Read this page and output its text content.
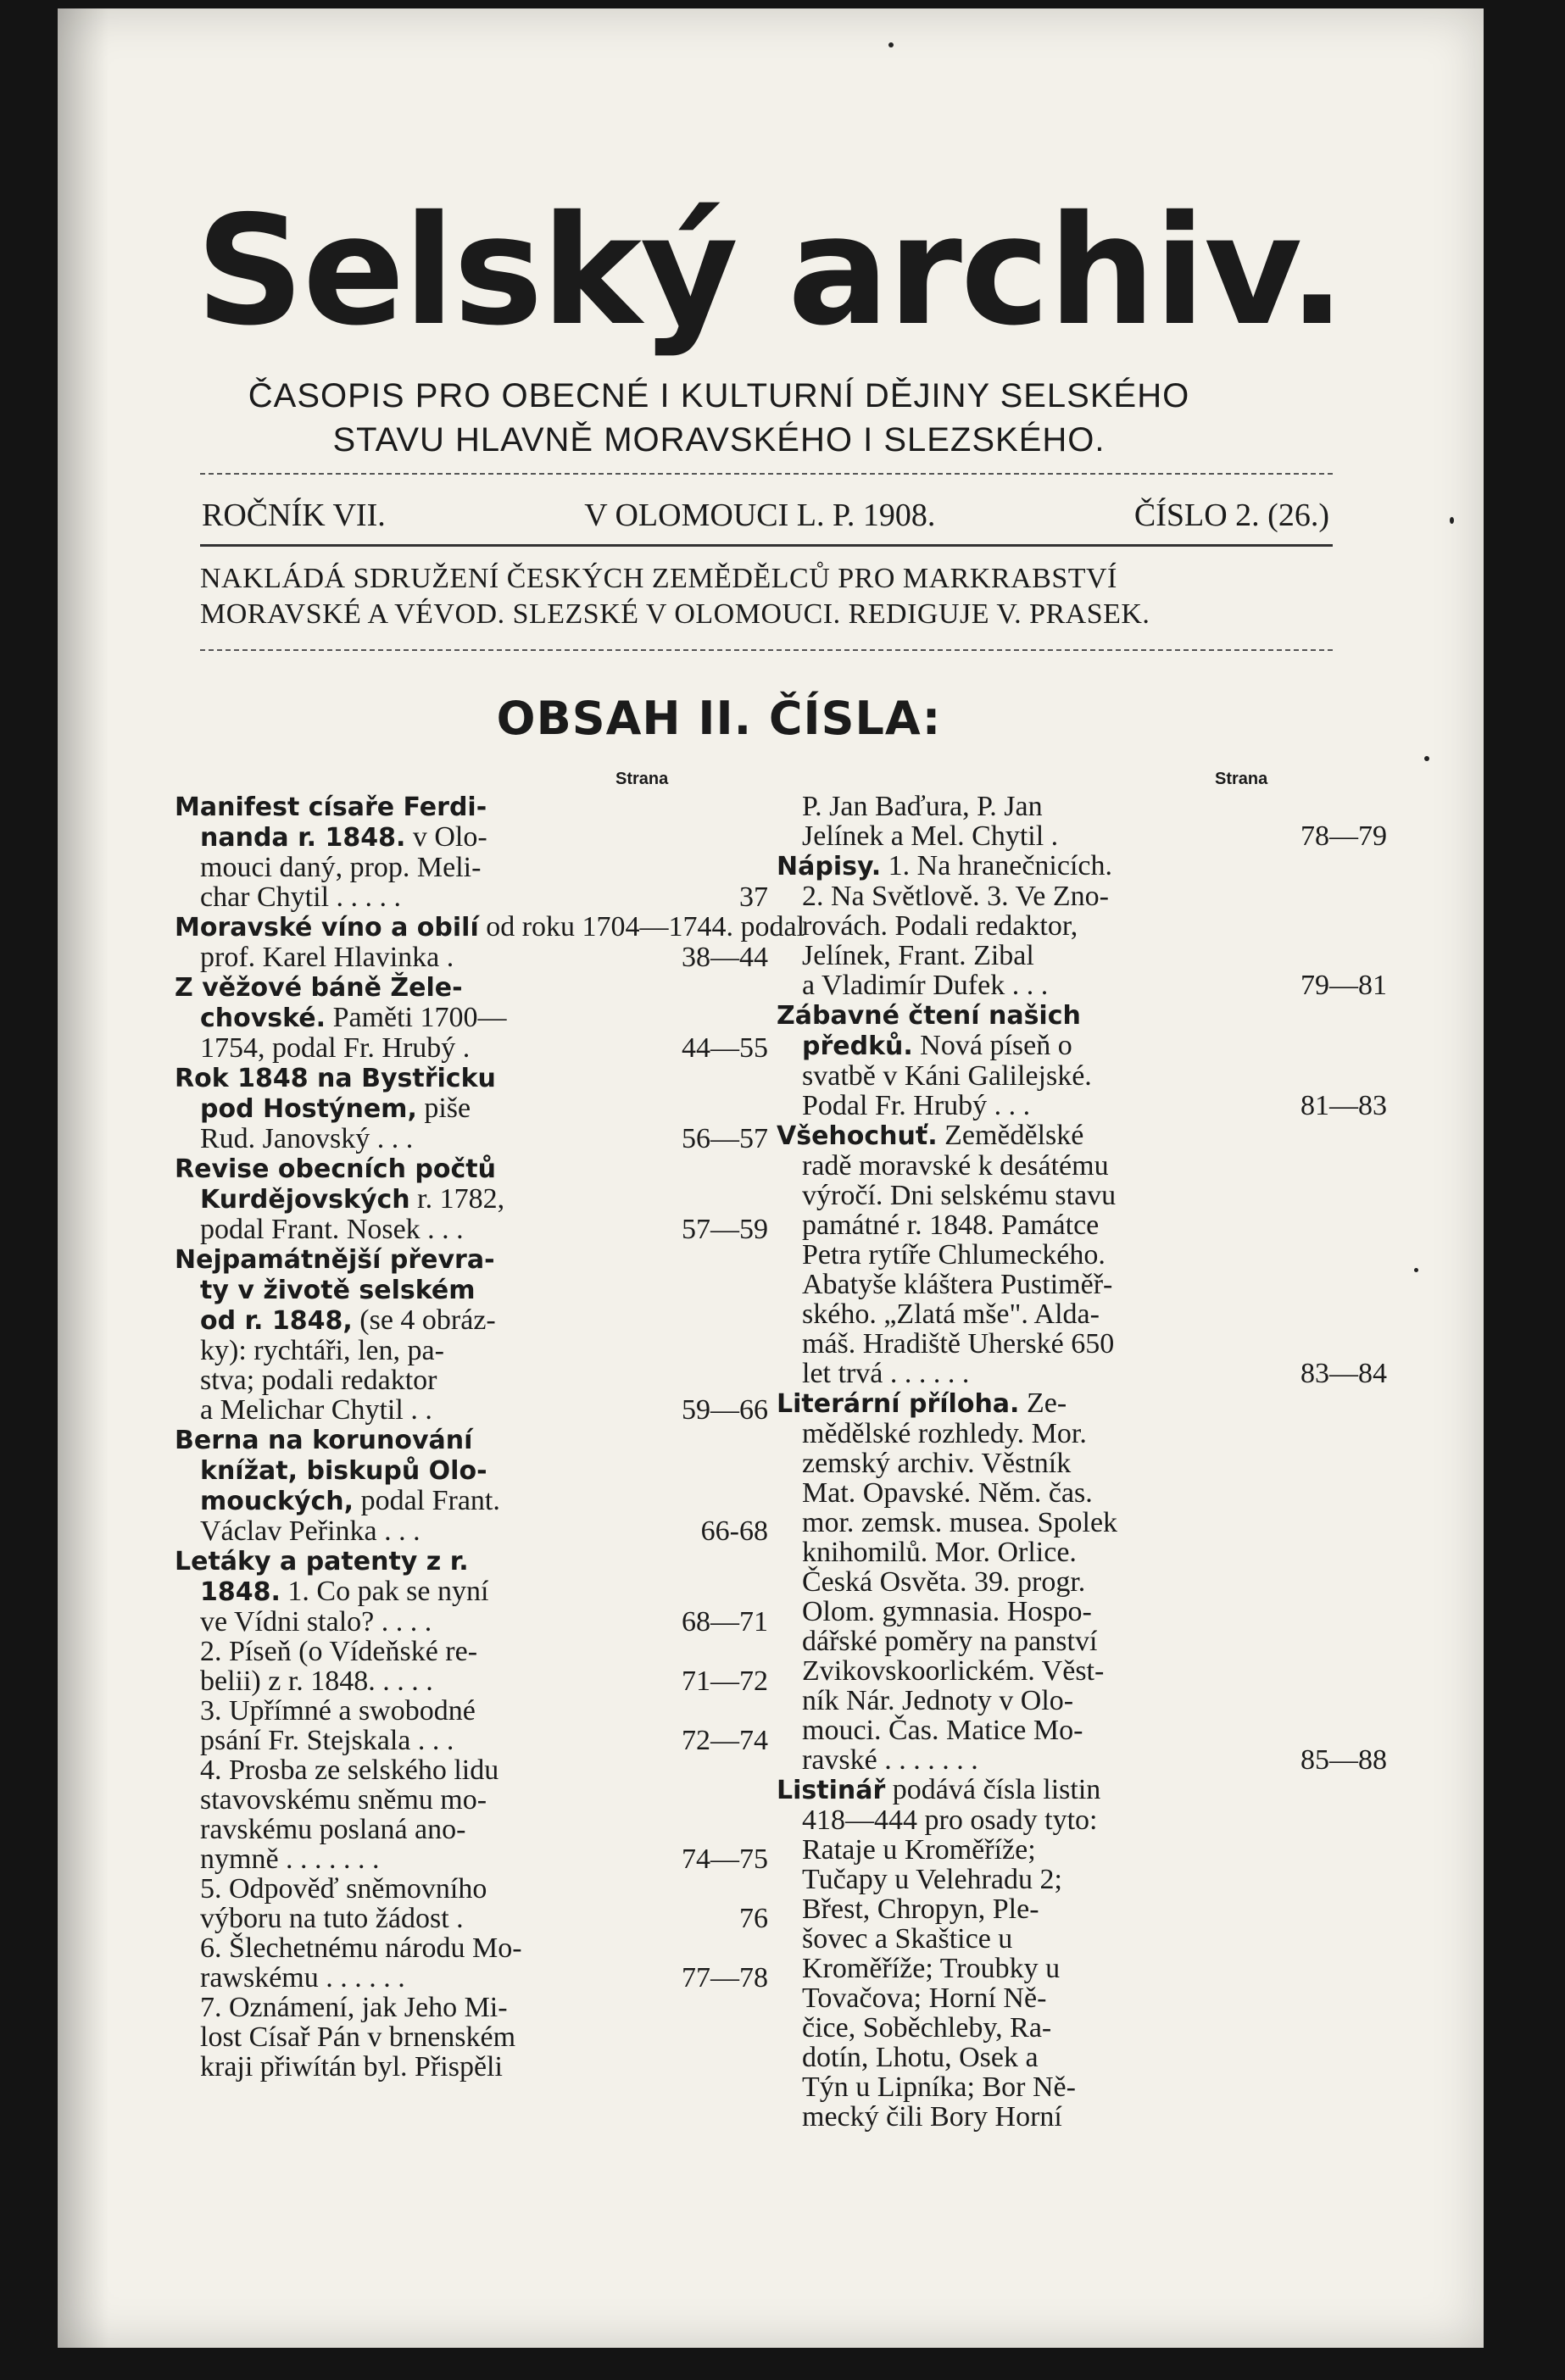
Selský archiv.
ČASOPIS PRO OBECNÉ I KULTURNÍ DĚJINY SELSKÉHO
STAVU HLAVNĚ MORAVSKÉHO I SLEZSKÉHO.
ROČNÍK VII.	V OLOMOUCI L. P. 1908.	ČÍSLO 2. (26.)
NAKLÁDÁ SDRUŽENÍ ČESKÝCH ZEMĚDĚLCŮ PRO MARKRABSTVÍ
MORAVSKÉ A VÉVOD. SLEZSKÉ V OLOMOUCI. REDIGUJE V. PRASEK.
OBSAH II. ČÍSLA:
Strana
Manifest císaře Ferdi-
nanda r. 1848. v Olo-
mouci daný, prop. Meli-
char Chytil . . . . .	37
Moravské víno a obilí od roku 1704—1744. podal
prof. Karel Hlavinka .	38—44
Z věžové báně Žele-
chovské. Paměti 1700—
1754, podal Fr. Hrubý .	44—55
Rok 1848 na Bystřicku
pod Hostýnem, piše
Rud. Janovský . . .	56—57
Revise obecních počtů
Kurdějovských r. 1782,
podal Frant. Nosek . . .	57—59
Nejpamátnější převra-
ty v životě selském
od r. 1848, (se 4 obráz-
ky): rychtáři, len, pa-
stva; podali redaktor
a Melichar Chytil . .	59—66
Berna na korunování
knížat, biskupů Olo-
mouckých, podal Frant.
Václav Peřinka . . .	66-68
Letáky a patenty z r.
1848. 1. Co pak se nyní
ve Vídni stalo? . . . .	68—71
2. Píseň (o Vídeňské re-
belii) z r. 1848. . . . .	71—72
3. Upřímné a swobodné
psání Fr. Stejskala . . .	72—74
4. Prosba ze selského lidu
stavovskému sněmu mo-
ravskému poslaná ano-
nymně . . . . . . .	74—75
5. Odpověď sněmovního
výboru na tuto žádost .	76
6. Šlechetnému národu Mo-
rawskému . . . . . .	77—78
7. Oznámení, jak Jeho Mi-
lost Císař Pán v brnenském
kraji přiwítán byl. Přispěli
Strana
P. Jan Baďura, P. Jan
Jelínek a Mel. Chytil .	78—79
Nápisy. 1. Na hranečnicích.
2. Na Světlově. 3. Ve Zno-
rovách. Podali redaktor,
Jelínek, Frant. Zibal
a Vladimír Dufek . . .	79—81
Zábavné čtení našich
předků. Nová píseň o
svatbě v Káni Galilejské.
Podal Fr. Hrubý . . .	81—83
Všehochuť. Zemědělské
radě moravské k desátému
výročí. Dni selskému stavu
památné r. 1848. Památce
Petra rytíře Chlumeckého.
Abatyše kláštera Pustiměř-
ského. „Zlatá mše". Alda-
máš. Hradiště Uherské 650
let trvá . . . . . .	83—84
Literární příloha. Ze-
mědělské rozhledy. Mor.
zemský archiv. Věstník
Mat. Opavské. Něm. čas.
mor. zemsk. musea. Spolek
knihomilů. Mor. Orlice.
Česká Osvěta. 39. progr.
Olom. gymnasia. Hospo-
dářské poměry na panství
Zvikovskoorlickém. Věst-
ník Nár. Jednoty v Olo-
mouci. Čas. Matice Mo-
ravské . . . . . . .	85—88
Listinář podává čísla listin
418—444 pro osady tyto:
Rataje u Kroměříže;
Tučapy u Velehradu 2;
Břest, Chropyn, Ple-
šovec a Skaštice u
Kroměříže; Troubky u
Tovačova; Horní Ně-
čice, Soběchleby, Ra-
dotín, Lhotu, Osek a
Týn u Lipníka; Bor Ně-
mecký čili Bory Horní
